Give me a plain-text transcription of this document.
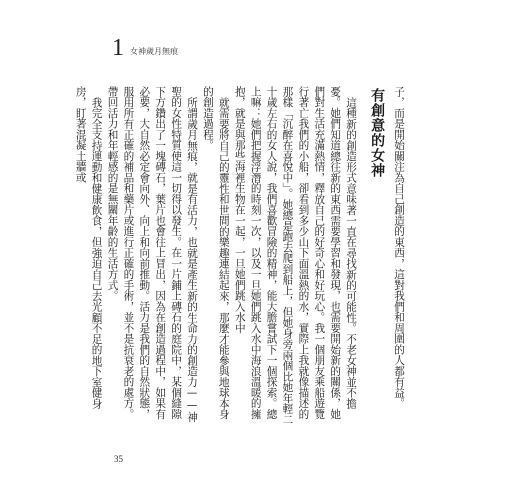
1 女神歲月無痕

子，而是開始關注為自己創造的東西，這對我們和周圍的人都有益。

有創意的女神

這種新的創造形式意味著一直在尋找新的可能性。不老女神並不擔憂。她們知道總往新的東西需要學習和發現，也需要開始新的關係，她們對生活充滿熱情，釋放自己的好奇心和好玩心。我一個朋友乘船遊覽行著亡我們的小船，卻看到多少山下面溫熱的水，實際上我就像描述的那樣「沉醉在喜悅中」。她總是跑去爬到船上，但她身旁兩個比她年輕二十歲左右的女人說，我們喜歡冒險的精神，能大膽嘗試下一個探索。總上嘛：她們把握浮潛的時刻一次，以及一旦她們跳入水中海浪溫暖的擁抱，就是與那些海裡生物在一起，一旦她們跳入水中

就需要將自己的靈性和世間的樂趣連結起來，那麼才能參與地球本身的創造過程。

所謂歲月無痕，就是有活力，也就是產生新的生命力的創造力——神聖的女性特質使這一切得以發生。在一片鋪上磚石的庭院中，某個縫隙下方鑽出了一塊磚石，葉片也會往上冒出，因為在創造過程中，如果有必要，大自然必定會向外、向上和向前推動。活力是我們的自然狀態，服用所有正確的補品和藥片或進行正確的手術，並不是抗衰老的處方。帶回活力和年輕感的是無關年齡的生活方式。

我完全支持運動和健康飲食，但強迫自己去光顧不足的地下室健身房，盯著混凝土牆或

35
